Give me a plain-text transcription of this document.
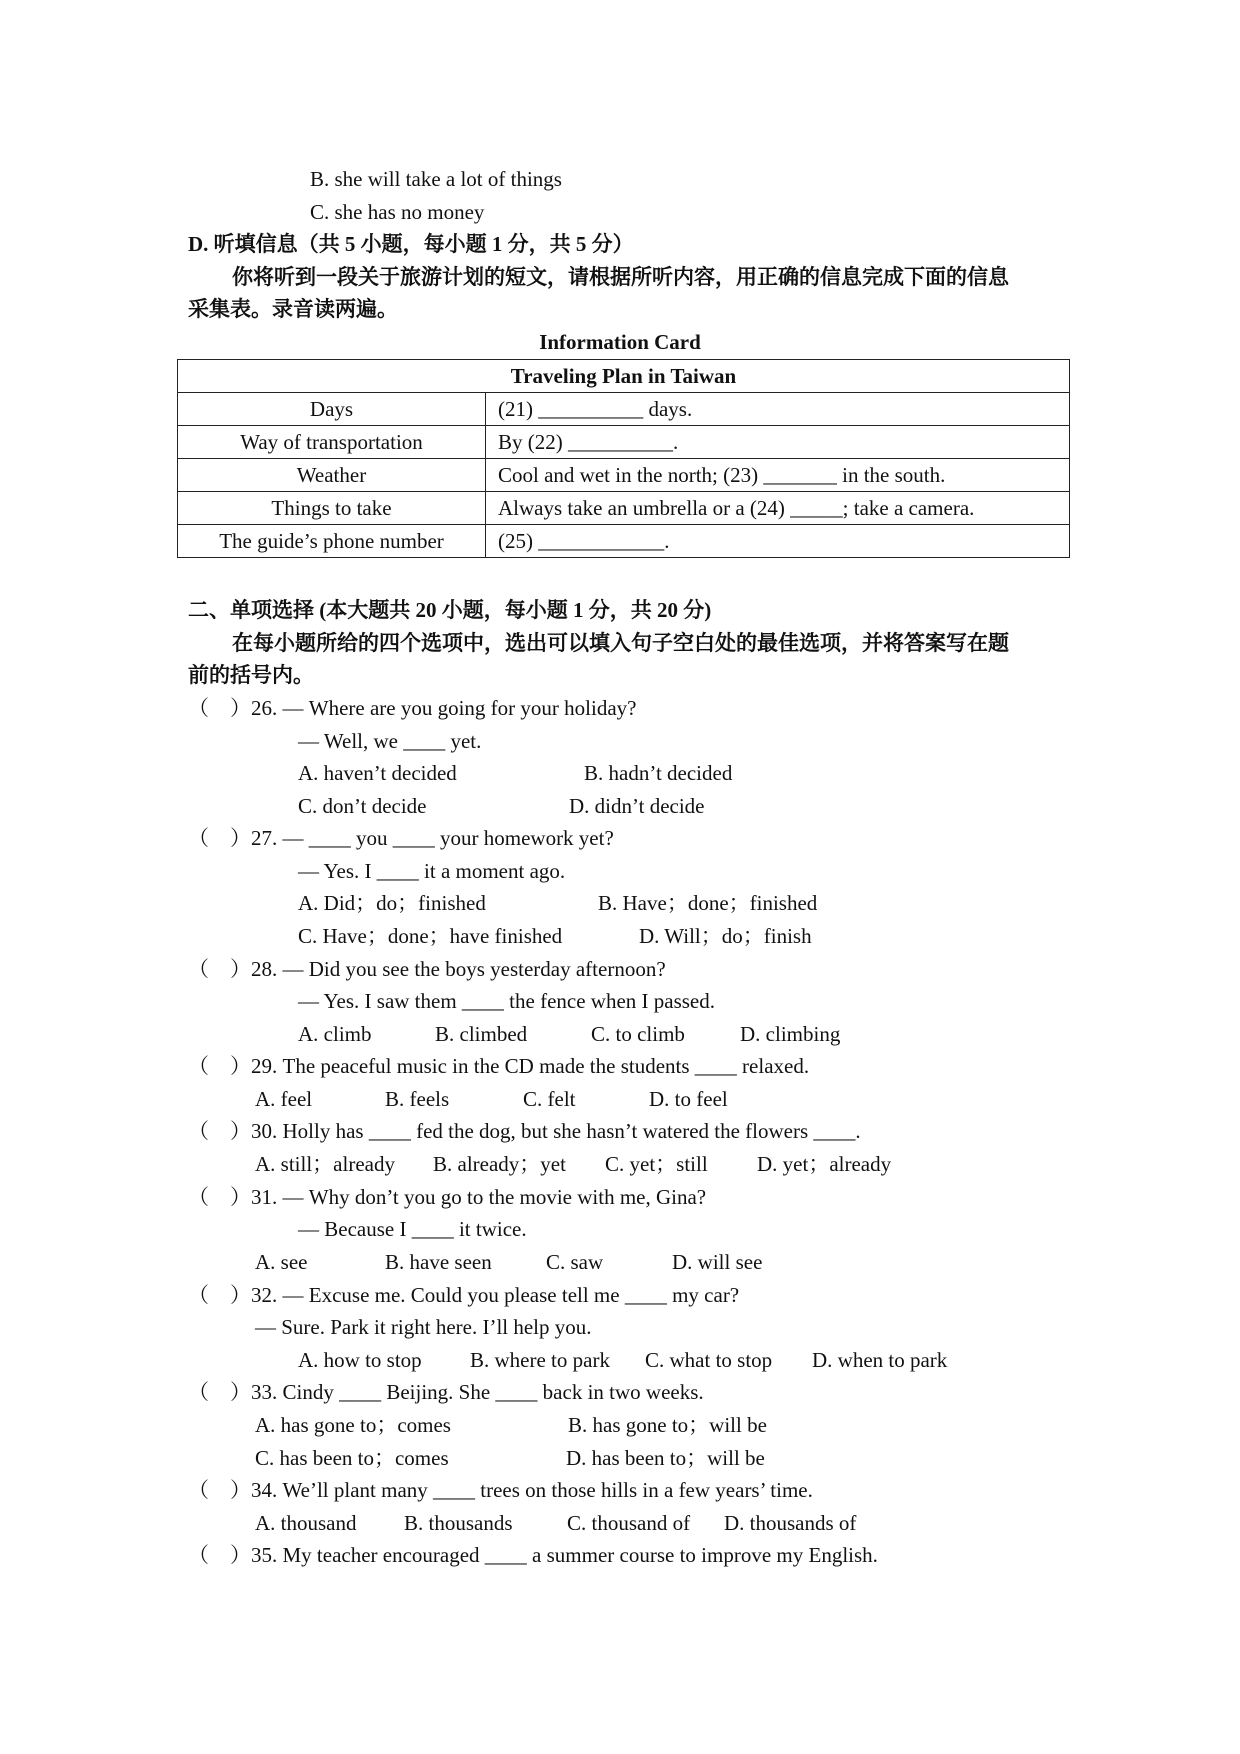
B. she will take a lot of things
C. she has no money
D. 听填信息（共 5 小题，每小题 1 分，共 5 分）
你将听到一段关于旅游计划的短文，请根据所听内容，用正确的信息完成下面的信息
采集表。录音读两遍。
Information Card
Traveling Plan in Taiwan	
Days	(21) __________ days.
Way of transportation	By (22) __________.
Weather	Cool and wet in the north; (23) _______ in the south.
Things to take	Always take an umbrella or a (24) _____; take a camera.
The guide’s phone number	(25) ____________.
二、单项选择 (本大题共 20 小题，每小题 1 分，共 20 分)
在每小题所给的四个选项中，选出可以填入句子空白处的最佳选项，并将答案写在题
前的括号内。
（　）26. — Where are you going for your holiday?
— Well, we ____ yet.
A. haven’t decided	B. hadn’t decided
C. don’t decide	D. didn’t decide
（　）27. — ____ you ____ your homework yet?
— Yes. I ____ it a moment ago.
A. Did；do；finished	B. Have；done；finished
C. Have；done；have finished	D. Will；do；finish
（　）28. — Did you see the boys yesterday afternoon?
— Yes. I saw them ____ the fence when I passed.
A. climb	B. climbed	C. to climb	D. climbing
（　）29. The peaceful music in the CD made the students ____ relaxed.
A. feel	B. feels	C. felt	D. to feel
（　）30. Holly has ____ fed the dog, but she hasn’t watered the flowers ____.
A. still；already B. already；yet C. yet；still D. yet；already
（　）31. — Why don’t you go to the movie with me, Gina?
— Because I ____ it twice.
A. see	B. have seen	C. saw	D. will see
（　）32. — Excuse me. Could you please tell me ____ my car?
— Sure. Park it right here. I’ll help you.
A. how to stop B. where to park C. what to stop D. when to park
（　）33. Cindy ____ Beijing. She ____ back in two weeks.
A. has gone to；comes	B. has gone to；will be
C. has been to；comes	D. has been to；will be
（　）34. We’ll plant many ____ trees on those hills in a few years’ time.
A. thousand B. thousands	C. thousand of D. thousands of
（　）35. My teacher encouraged ____ a summer course to improve my English.
